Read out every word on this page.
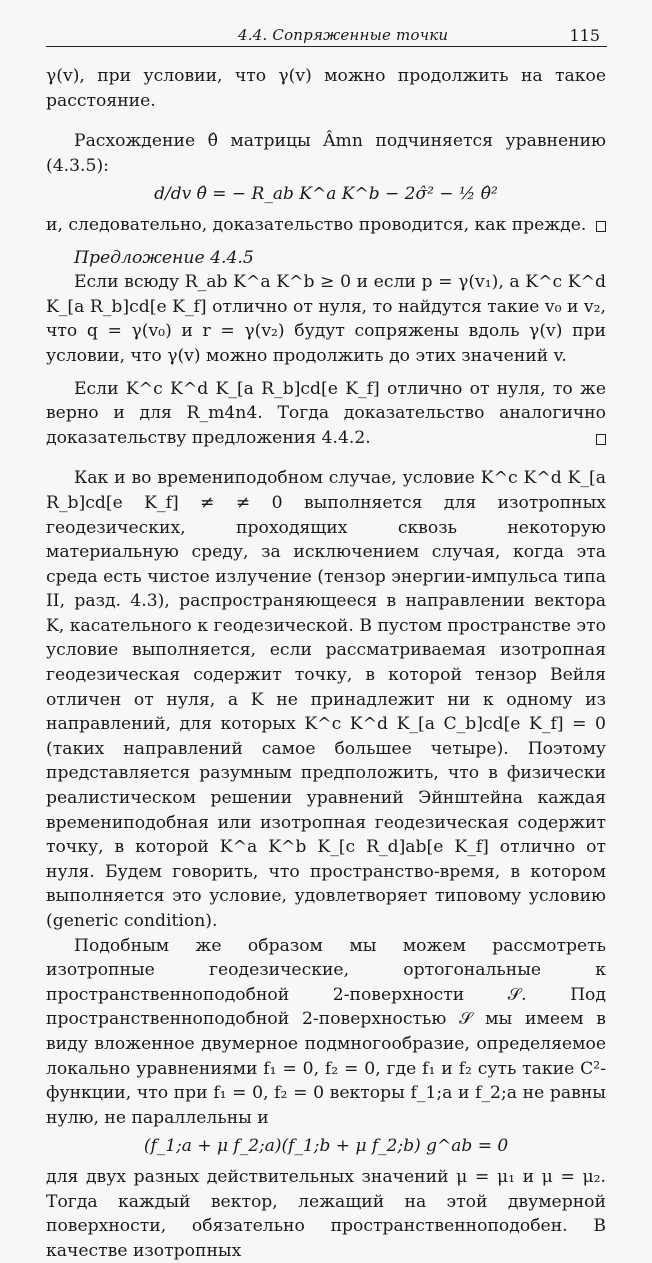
4.4. Сопряженные точки	115

γ(v), при условии, что γ(v) можно продолжить на такое расстояние.

Расхождение θ̂ матрицы Âmn подчиняется уравнению (4.3.5):

d/dv θ̂ = − R_ab K^a K^b − 2σ̂² − ½ θ̂²

и, следовательно, доказательство проводится, как прежде.

Предложение 4.4.5

Если всюду R_ab K^a K^b ≥ 0 и если p = γ(v₁), а K^c K^d K_[a R_b]cd[e K_f] отлично от нуля, то найдутся такие v₀ и v₂, что q = γ(v₀) и r = γ(v₂) будут сопряжены вдоль γ(v) при условии, что γ(v) можно продолжить до этих значений v.

Если K^c K^d K_[a R_b]cd[e K_f] отлично от нуля, то же верно и для R_m4n4. Тогда доказательство аналогично доказательству предложения 4.4.2.

Как и во времениподобном случае, условие K^c K^d K_[a R_b]cd[e K_f] ≠ ≠ 0 выполняется для изотропных геодезических, проходящих сквозь некоторую материальную среду, за исключением случая, когда эта среда есть чистое излучение (тензор энергии-импульса типа II, разд. 4.3), распространяющееся в направлении вектора K, касательного к геодезической. В пустом пространстве это условие выполняется, если рассматриваемая изотропная геодезическая содержит точку, в которой тензор Вейля отличен от нуля, а K не принадлежит ни к одному из направлений, для которых K^c K^d K_[a C_b]cd[e K_f] = 0 (таких направлений самое большее четыре). Поэтому представляется разумным предположить, что в физически реалистическом решении уравнений Эйнштейна каждая времениподобная или изотропная геодезическая содержит точку, в которой K^a K^b K_[c R_d]ab[e K_f] отлично от нуля. Будем говорить, что пространство-время, в котором выполняется это условие, удовлетворяет типовому условию (generic condition).

Подобным же образом мы можем рассмотреть изотропные геодезические, ортогональные к пространственноподобной 2-поверхности 𝒮. Под пространственноподобной 2-поверхностью 𝒮 мы имеем в виду вложенное двумерное подмногообразие, определяемое локально уравнениями f₁ = 0, f₂ = 0, где f₁ и f₂ суть такие C²-функции, что при f₁ = 0, f₂ = 0 векторы f_1;a и f_2;a не равны нулю, не параллельны и

(f_1;a + μ f_2;a)(f_1;b + μ f_2;b) g^ab = 0

для двух разных действительных значений μ = μ₁ и μ = μ₂. Тогда каждый вектор, лежащий на этой двумерной поверхности, обязательно пространственноподобен. В качестве изотропных
